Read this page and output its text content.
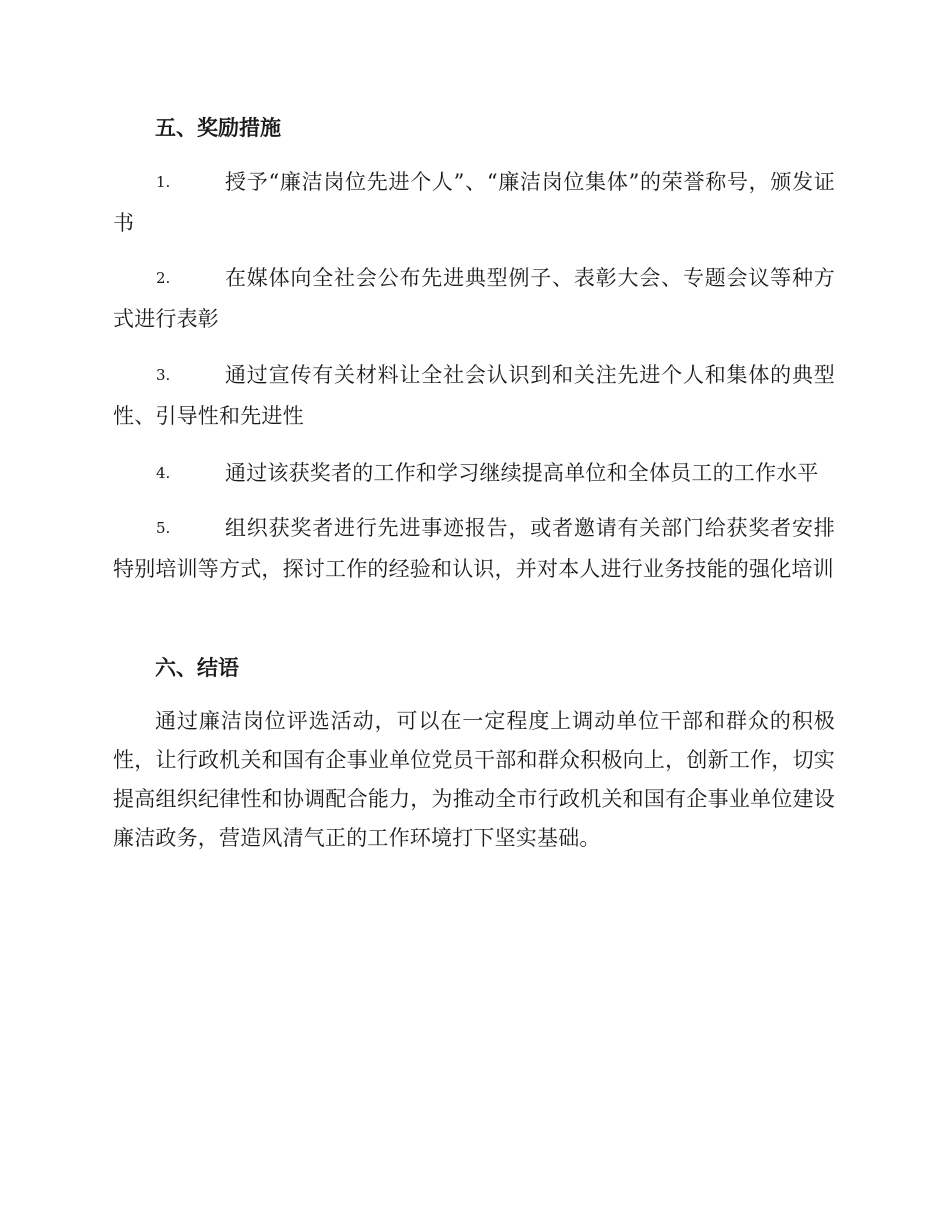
五、奖励措施
1.	授予“廉洁岗位先进个人”、“廉洁岗位集体”的荣誉称号，颁发证书
2.	在媒体向全社会公布先进典型例子、表彰大会、专题会议等种方式进行表彰
3.	通过宣传有关材料让全社会认识到和关注先进个人和集体的典型性、引导性和先进性
4.	通过该获奖者的工作和学习继续提高单位和全体员工的工作水平
5.	组织获奖者进行先进事迹报告，或者邀请有关部门给获奖者安排特别培训等方式，探讨工作的经验和认识，并对本人进行业务技能的强化培训
六、结语
通过廉洁岗位评选活动，可以在一定程度上调动单位干部和群众的积极性，让行政机关和国有企事业单位党员干部和群众积极向上，创新工作，切实提高组织纪律性和协调配合能力，为推动全市行政机关和国有企事业单位建设廉洁政务，营造风清气正的工作环境打下坚实基础。
